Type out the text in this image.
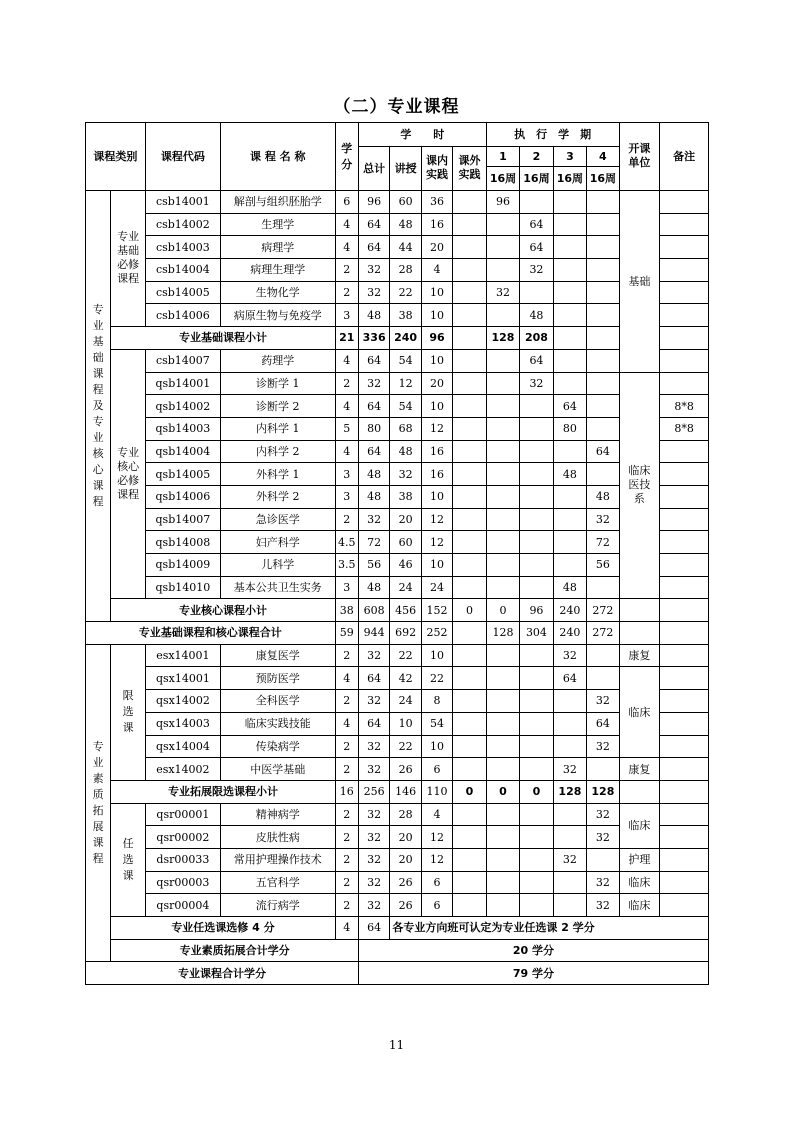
（二）专业课程
课程类别		课程代码	课 程 名 称	学分	学　　时				执　行　学　期				开课单位	备注
					总计	讲授	课内实践	课外实践	1	2	3	4		
									16周	16周	16周	16周		
专业基础课程及专业核心课程	专业基础必修课程	csb14001	解剖与组织胚胎学	6	96	60	36		96				基础	
		csb14002	生理学	4	64	48	16			64				
		csb14003	病理学	4	64	44	20			64				
		csb14004	病理生理学	2	32	28	4			32				
		csb14005	生物化学	2	32	22	10		32					
		csb14006	病原生物与免疫学	3	48	38	10			48				
	专业基础课程小计			21	336	240	96		128	208				
	专业核心必修课程	csb14007	药理学	4	64	54	10			64				
		qsb14001	诊断学 1	2	32	12	20			32			临床医技系	
		qsb14002	诊断学 2	4	64	54	10				64			8*8
		qsb14003	内科学 1	5	80	68	12				80			8*8
		qsb14004	内科学 2	4	64	48	16					64		
		qsb14005	外科学 1	3	48	32	16				48			
		qsb14006	外科学 2	3	48	38	10					48		
		qsb14007	急诊医学	2	32	20	12					32		
		qsb14008	妇产科学	4.5	72	60	12					72		
		qsb14009	儿科学	3.5	56	46	10					56		
		qsb14010	基本公共卫生实务	3	48	24	24				48			
	专业核心课程小计			38	608	456	152	0	0	96	240	272		
专业基础课程和核心课程合计				59	944	692	252		128	304	240	272		
专业素质拓展课程	限选课	esx14001	康复医学	2	32	22	10				32		康复	
		qsx14001	预防医学	4	64	42	22				64		临床	
		qsx14002	全科医学	2	32	24	8					32		
		qsx14003	临床实践技能	4	64	10	54					64		
		qsx14004	传染病学	2	32	22	10					32		
		esx14002	中医学基础	2	32	26	6				32		康复	
	专业拓展限选课程小计			16	256	146	110	0	0	0	128	128		
	任选课	qsr00001	精神病学	2	32	28	4					32	临床	
		qsr00002	皮肤性病	2	32	20	12					32		
		dsr00033	常用护理操作技术	2	32	20	12				32		护理	
		qsr00003	五官科学	2	32	26	6					32	临床	
		qsr00004	流行病学	2	32	26	6					32	临床	
	专业任选课选修 4 分			4	64	各专业方向班可认定为专业任选课 2 学分								
	专业素质拓展合计学分				20 学分									
专业课程合计学分					79 学分									
11
